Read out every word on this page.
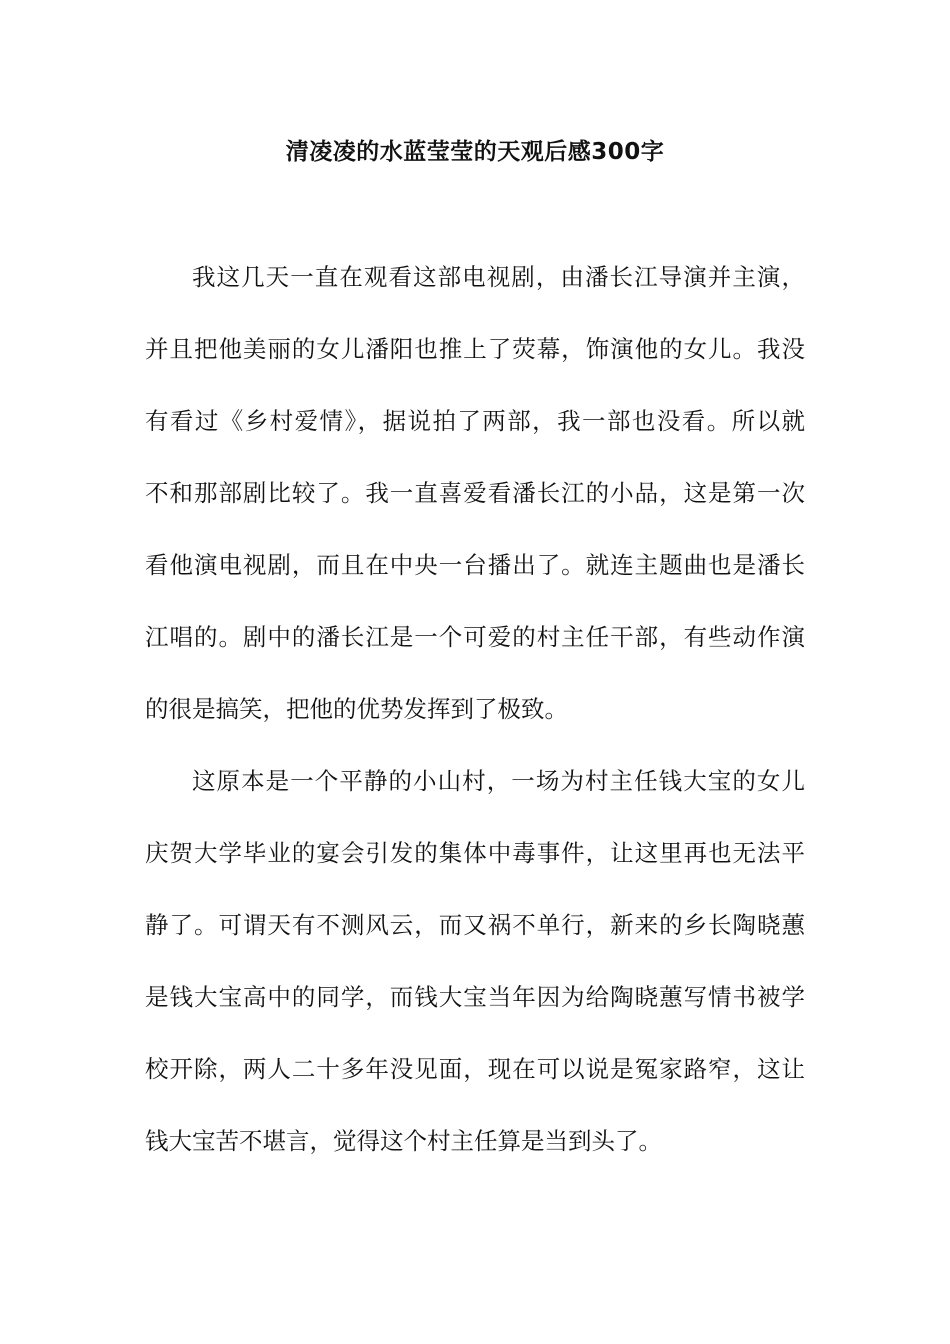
清凌凌的水蓝莹莹的天观后感300字
我这几天一直在观看这部电视剧，由潘长江导演并主演，
并且把他美丽的女儿潘阳也推上了荧幕，饰演他的女儿。我没
有看过《乡村爱情》，据说拍了两部，我一部也没看。所以就
不和那部剧比较了。我一直喜爱看潘长江的小品，这是第一次
看他演电视剧，而且在中央一台播出了。就连主题曲也是潘长
江唱的。剧中的潘长江是一个可爱的村主任干部，有些动作演
的很是搞笑，把他的优势发挥到了极致。
这原本是一个平静的小山村，一场为村主任钱大宝的女儿
庆贺大学毕业的宴会引发的集体中毒事件，让这里再也无法平
静了。可谓天有不测风云，而又祸不单行，新来的乡长陶晓蕙
是钱大宝高中的同学，而钱大宝当年因为给陶晓蕙写情书被学
校开除，两人二十多年没见面，现在可以说是冤家路窄，这让
钱大宝苦不堪言，觉得这个村主任算是当到头了。
